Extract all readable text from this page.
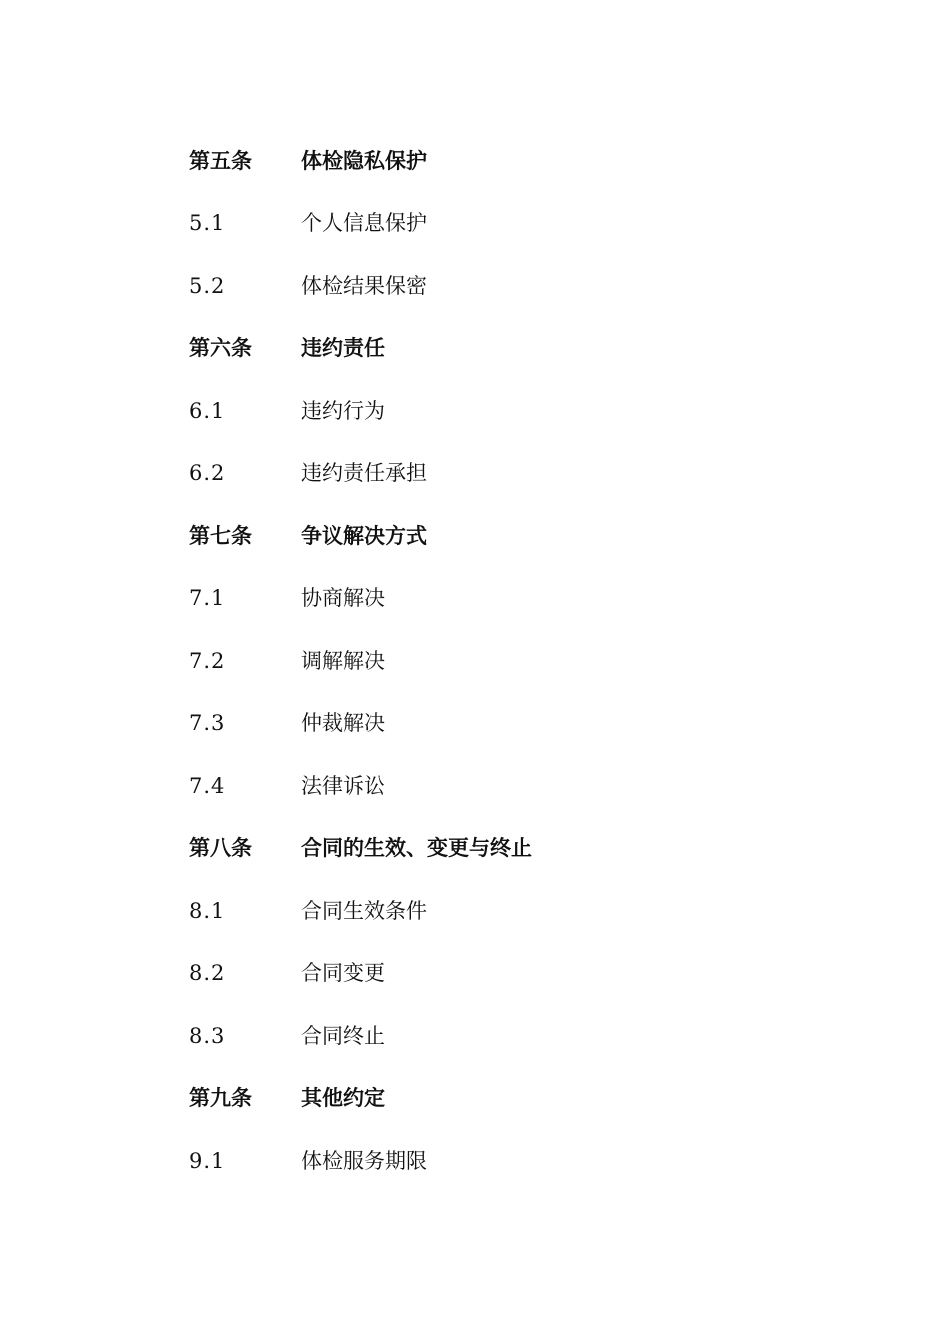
第五条	体检隐私保护
5.1	个人信息保护
5.2	体检结果保密
第六条	违约责任
6.1	违约行为
6.2	违约责任承担
第七条	争议解决方式
7.1	协商解决
7.2	调解解决
7.3	仲裁解决
7.4	法律诉讼
第八条	合同的生效、变更与终止
8.1	合同生效条件
8.2	合同变更
8.3	合同终止
第九条	其他约定
9.1	体检服务期限
